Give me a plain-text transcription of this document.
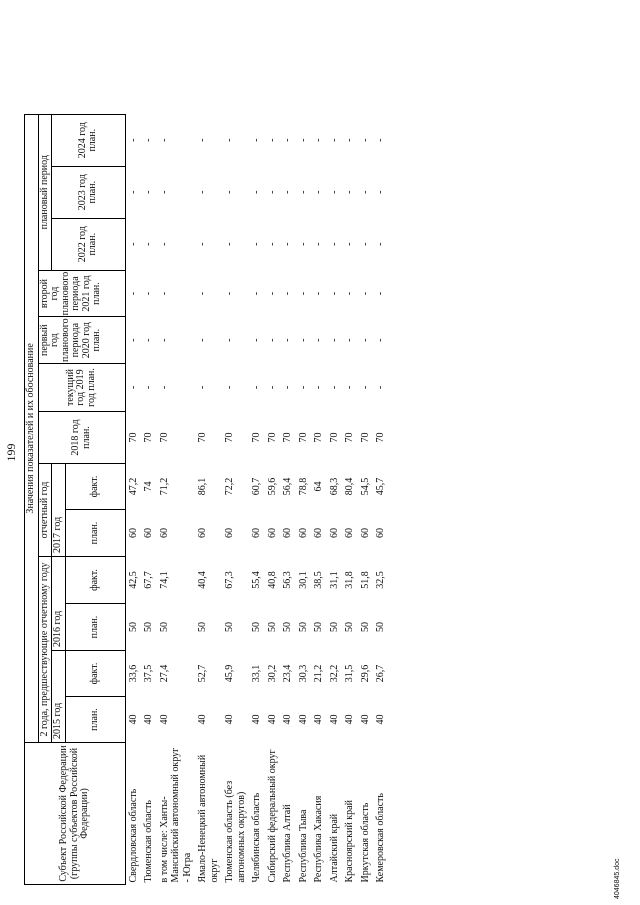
199
Субъект Российской Федерации (группы субъектов Российской Федерации)	Значения показателей и их обоснование												
	2 года, предшествующие отчетному году				отчетный год		2018 год план.	текущий год 2019 год план.	первый год планового периода 2020 год план.	второй год планового периода 2021 год план.	плановый период		
	2015 год		2016 год		2017 год						2022 год план.	2023 год план.	2024 год план.
	план.	факт.	план.	факт.	план.	факт.							
Свердловская область	40	33,6	50	42,5	60	47,2	70	-	-	-	-	-	-
Тюменская область	40	37,5	50	67,7	60	74	70	-	-	-	-	-	-
в том числе: Ханты-Мансийский автономный округ - Югра	40	27,4	50	74,1	60	71,2	70	-	-	-	-	-	-
Ямало-Ненецкий автономный округ	40	52,7	50	40,4	60	86,1	70	-	-	-	-	-	-
Тюменская область (без автономных округов)	40	45,9	50	67,3	60	72,2	70	-	-	-	-	-	-
Челябинская область	40	33,1	50	55,4	60	60,7	70	-	-	-	-	-	-
Сибирский федеральный округ	40	30,2	50	40,8	60	59,6	70	-	-	-	-	-	-
Республика Алтай	40	23,4	50	56,3	60	56,4	70	-	-	-	-	-	-
Республика Тыва	40	30,3	50	30,1	60	78,8	70	-	-	-	-	-	-
Республика Хакасия	40	21,2	50	38,5	60	64	70	-	-	-	-	-	-
Алтайский край	40	32,2	50	31,1	60	68,3	70	-	-	-	-	-	-
Красноярский край	40	31,5	50	31,8	60	80,4	70	-	-	-	-	-	-
Иркутская область	40	29,6	50	51,8	60	54,5	70	-	-	-	-	-	-
Кемеровская область	40	26,7	50	32,5	60	45,7	70	-	-	-	-	-	-
4046845.doc
